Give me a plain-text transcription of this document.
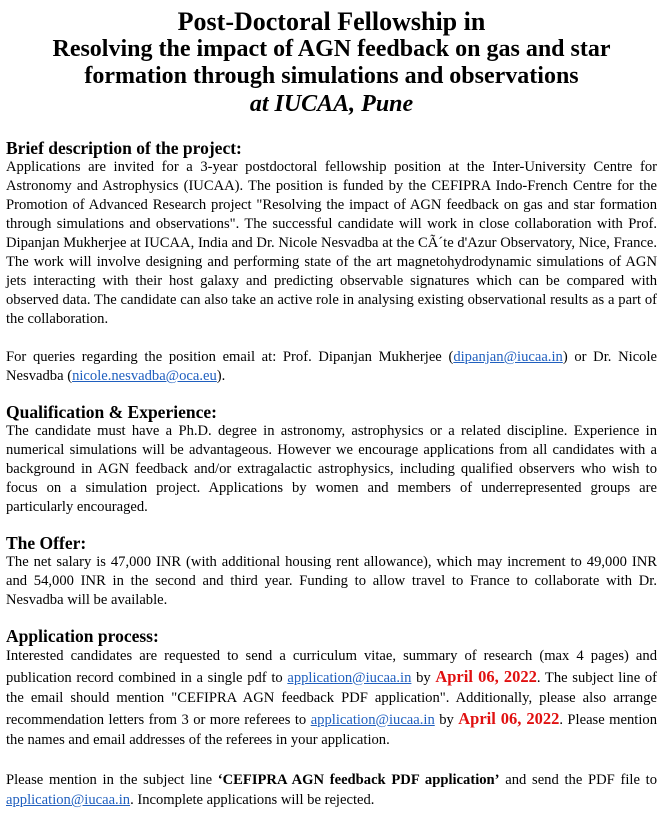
Post-Doctoral Fellowship in
Resolving the impact of AGN feedback on gas and star
formation through simulations and observations
at IUCAA, Pune
Brief description of the project:

Applications are invited for a 3-year postdoctoral fellowship position at the Inter-University Centre for Astronomy and Astrophysics (IUCAA). The position is funded by the CEFIPRA Indo-French Centre for the Promotion of Advanced Research project "Resolving the impact of AGN feedback on gas and star formation through simulations and observations". The successful candidate will work in close collaboration with Prof. Dipanjan Mukherjee at IUCAA, India and Dr. Nicole Nesvadba at the CÃ´te d'Azur Observatory, Nice, France. The work will involve designing and performing state of the art magnetohydrodynamic simulations of AGN jets interacting with their host galaxy and predicting observable signatures which can be compared with observed data. The candidate can also take an active role in analysing existing observational results as a part of the collaboration.

For queries regarding the position email at: Prof. Dipanjan Mukherjee (dipanjan@iucaa.in) or Dr. Nicole Nesvadba (nicole.nesvadba@oca.eu).

Qualification & Experience:

The candidate must have a Ph.D. degree in astronomy, astrophysics or a related discipline. Experience in numerical simulations will be advantageous. However we encourage applications from all candidates with a background in AGN feedback and/or extragalactic astrophysics, including qualified observers who wish to focus on a simulation project. Applications by women and members of underrepresented groups are particularly encouraged.

The Offer:

The net salary is 47,000 INR (with additional housing rent allowance), which may increment to 49,000 INR and 54,000 INR in the second and third year. Funding to allow travel to France to collaborate with Dr. Nesvadba will be available.

Application process:

Interested candidates are requested to send a curriculum vitae, summary of research (max 4 pages) and publication record combined in a single pdf to application@iucaa.in by April 06, 2022. The subject line of the email should mention "CEFIPRA AGN feedback PDF application". Additionally, please also arrange recommendation letters from 3 or more referees to application@iucaa.in by April 06, 2022. Please mention the names and email addresses of the referees in your application.

Please mention in the subject line ‘CEFIPRA AGN feedback PDF application’ and send the PDF file to application@iucaa.in. Incomplete applications will be rejected.
